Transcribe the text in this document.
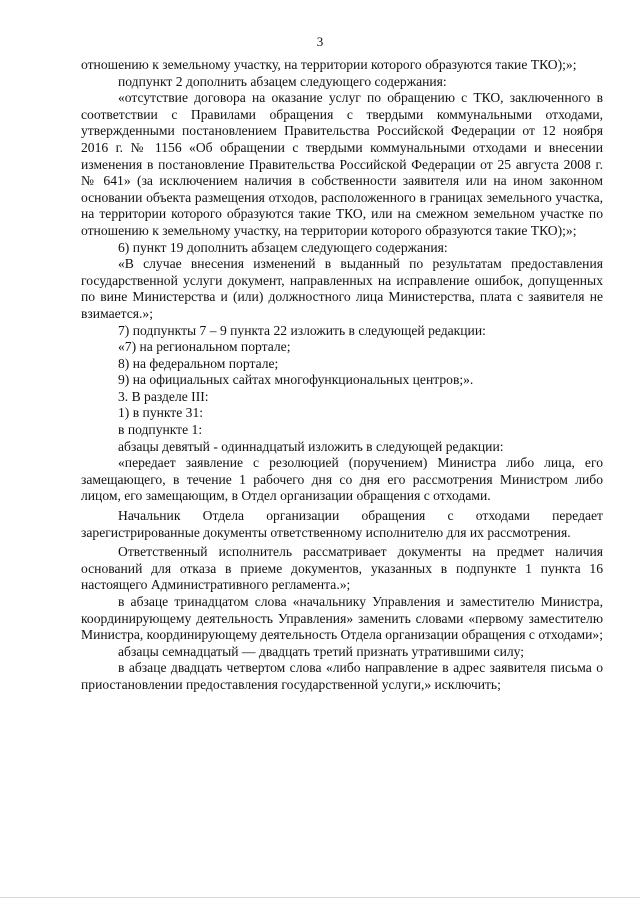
3

отношению к земельному участку, на территории которого образуются такие ТКО);»;

подпункт 2 дополнить абзацем следующего содержания:

«отсутствие договора на оказание услуг по обращению с ТКО, заключенного в соответствии с Правилами обращения с твердыми коммунальными отходами, утвержденными постановлением Правительства Российской Федерации от 12 ноября 2016 г. № 1156 «Об обращении с твердыми коммунальными отходами и внесении изменения в постановление Правительства Российской Федерации от 25 августа 2008 г. № 641» (за исключением наличия в собственности заявителя или на ином законном основании объекта размещения отходов, расположенного в границах земельного участка, на территории которого образуются такие ТКО, или на смежном земельном участке по отношению к земельному участку, на территории которого образуются такие ТКО);»;

6) пункт 19 дополнить абзацем следующего содержания:

«В случае внесения изменений в выданный по результатам предоставления государственной услуги документ, направленных на исправление ошибок, допущенных по вине Министерства и (или) должностного лица Министерства, плата с заявителя не взимается.»;

7) подпункты 7 – 9 пункта 22 изложить в следующей редакции:

«7) на региональном портале;

8) на федеральном портале;

9) на официальных сайтах многофункциональных центров;».

3. В разделе III:

1) в пункте 31:

в подпункте 1:

абзацы девятый - одиннадцатый изложить в следующей редакции:

«передает заявление с резолюцией (поручением) Министра либо лица, его замещающего, в течение 1 рабочего дня со дня его рассмотрения Министром либо лицом, его замещающим, в Отдел организации обращения с отходами.

Начальник Отдела организации обращения с отходами передает зарегистрированные документы ответственному исполнителю для их рассмотрения.

Ответственный исполнитель рассматривает документы на предмет наличия оснований для отказа в приеме документов, указанных в подпункте 1 пункта 16 настоящего Административного регламента.»;

в абзаце тринадцатом слова «начальнику Управления и заместителю Министра, координирующему деятельность Управления» заменить словами «первому заместителю Министра, координирующему деятельность Отдела организации обращения с отходами»;

абзацы семнадцатый — двадцать третий признать утратившими силу;

в абзаце двадцать четвертом слова «либо направление в адрес заявителя письма о приостановлении предоставления государственной услуги,» исключить;
